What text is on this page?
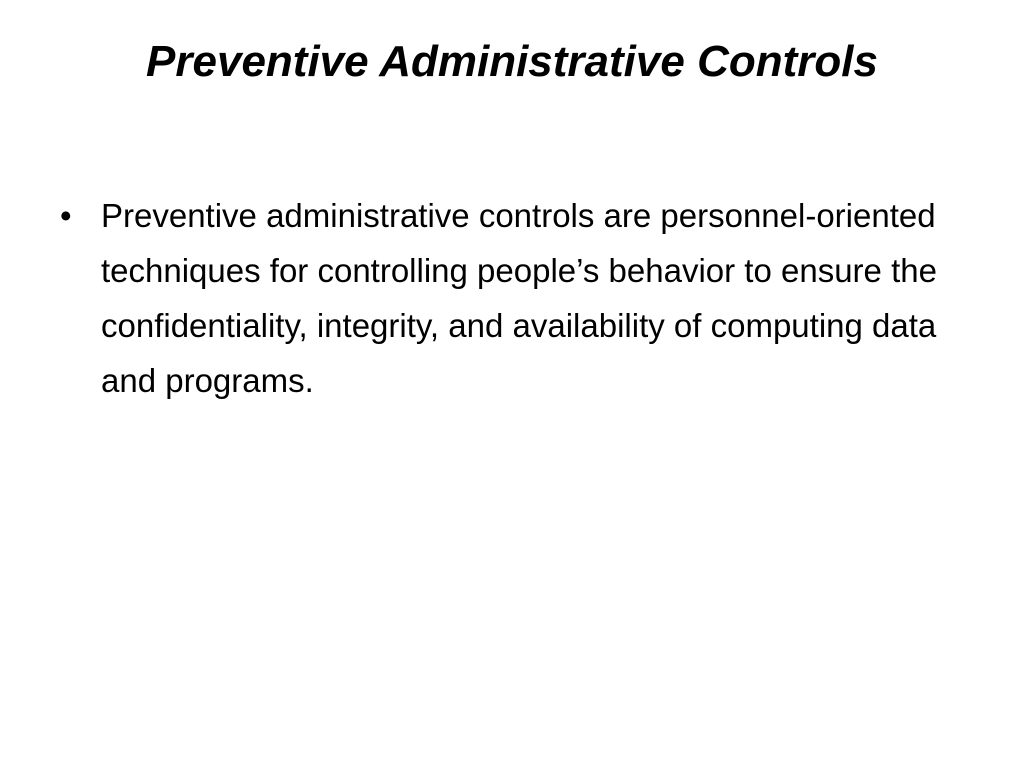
Preventive Administrative Controls
• Preventive administrative controls are personnel-oriented techniques for controlling people’s behavior to ensure the confidentiality, integrity, and availability of computing data and programs.
